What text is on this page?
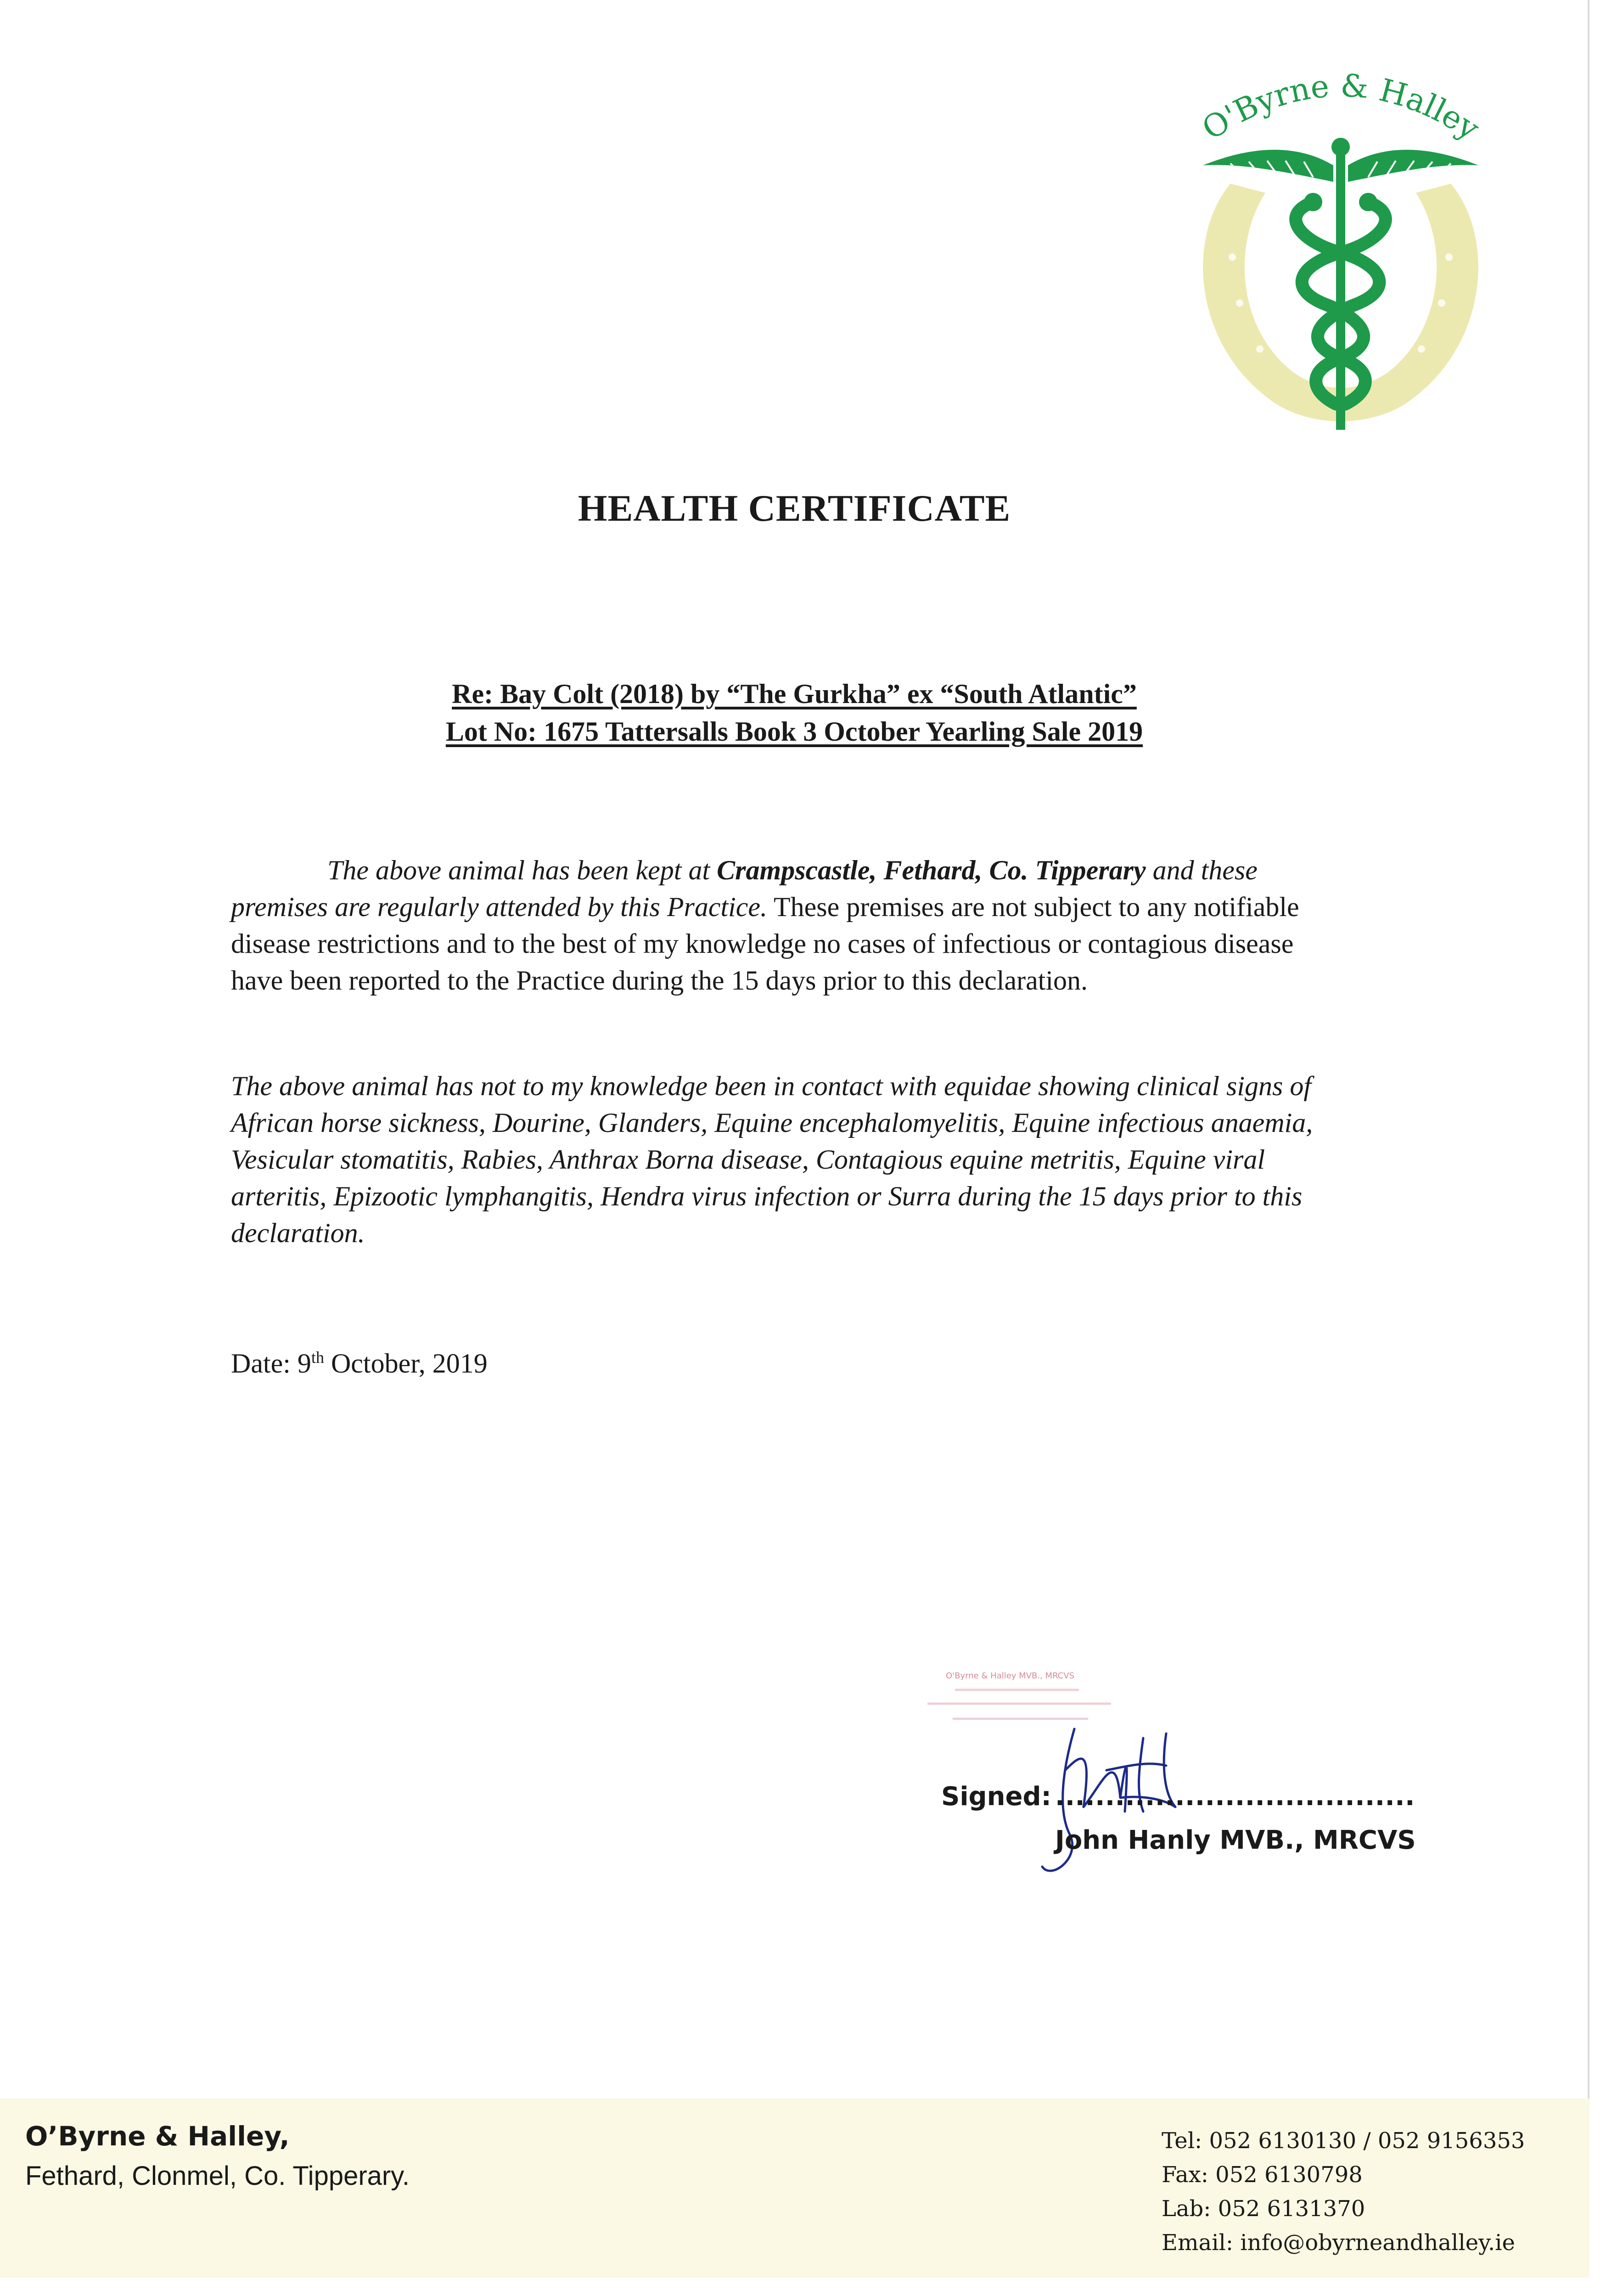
O'Byrne & Halley
HEALTH CERTIFICATE
Re: Bay Colt (2018) by “The Gurkha” ex “South Atlantic”
Lot No: 1675 Tattersalls Book 3 October Yearling Sale 2019

The above animal has been kept at Crampscastle, Fethard, Co. Tipperary and these premises are regularly attended by this Practice. These premises are not subject to any notifiable disease restrictions and to the best of my knowledge no cases of infectious or contagious disease have been reported to the Practice during the 15 days prior to this declaration.

The above animal has not to my knowledge been in contact with equidae showing clinical signs of African horse sickness, Dourine, Glanders, Equine encephalomyelitis, Equine infectious anaemia, Vesicular stomatitis, Rabies, Anthrax Borna disease, Contagious equine metritis, Equine viral arteritis, Epizootic lymphangitis, Hendra virus infection or Surra during the 15 days prior to this declaration.

Date: 9th October, 2019
O'Byrne & Halley MVB., MRCVS
Signed: ....................................
John Hanly MVB., MRCVS
O’Byrne & Halley,
Fethard, Clonmel, Co. Tipperary.
Tel: 052 6130130 / 052 9156353
Fax: 052 6130798
Lab: 052 6131370
Email: info@obyrneandhalley.ie
